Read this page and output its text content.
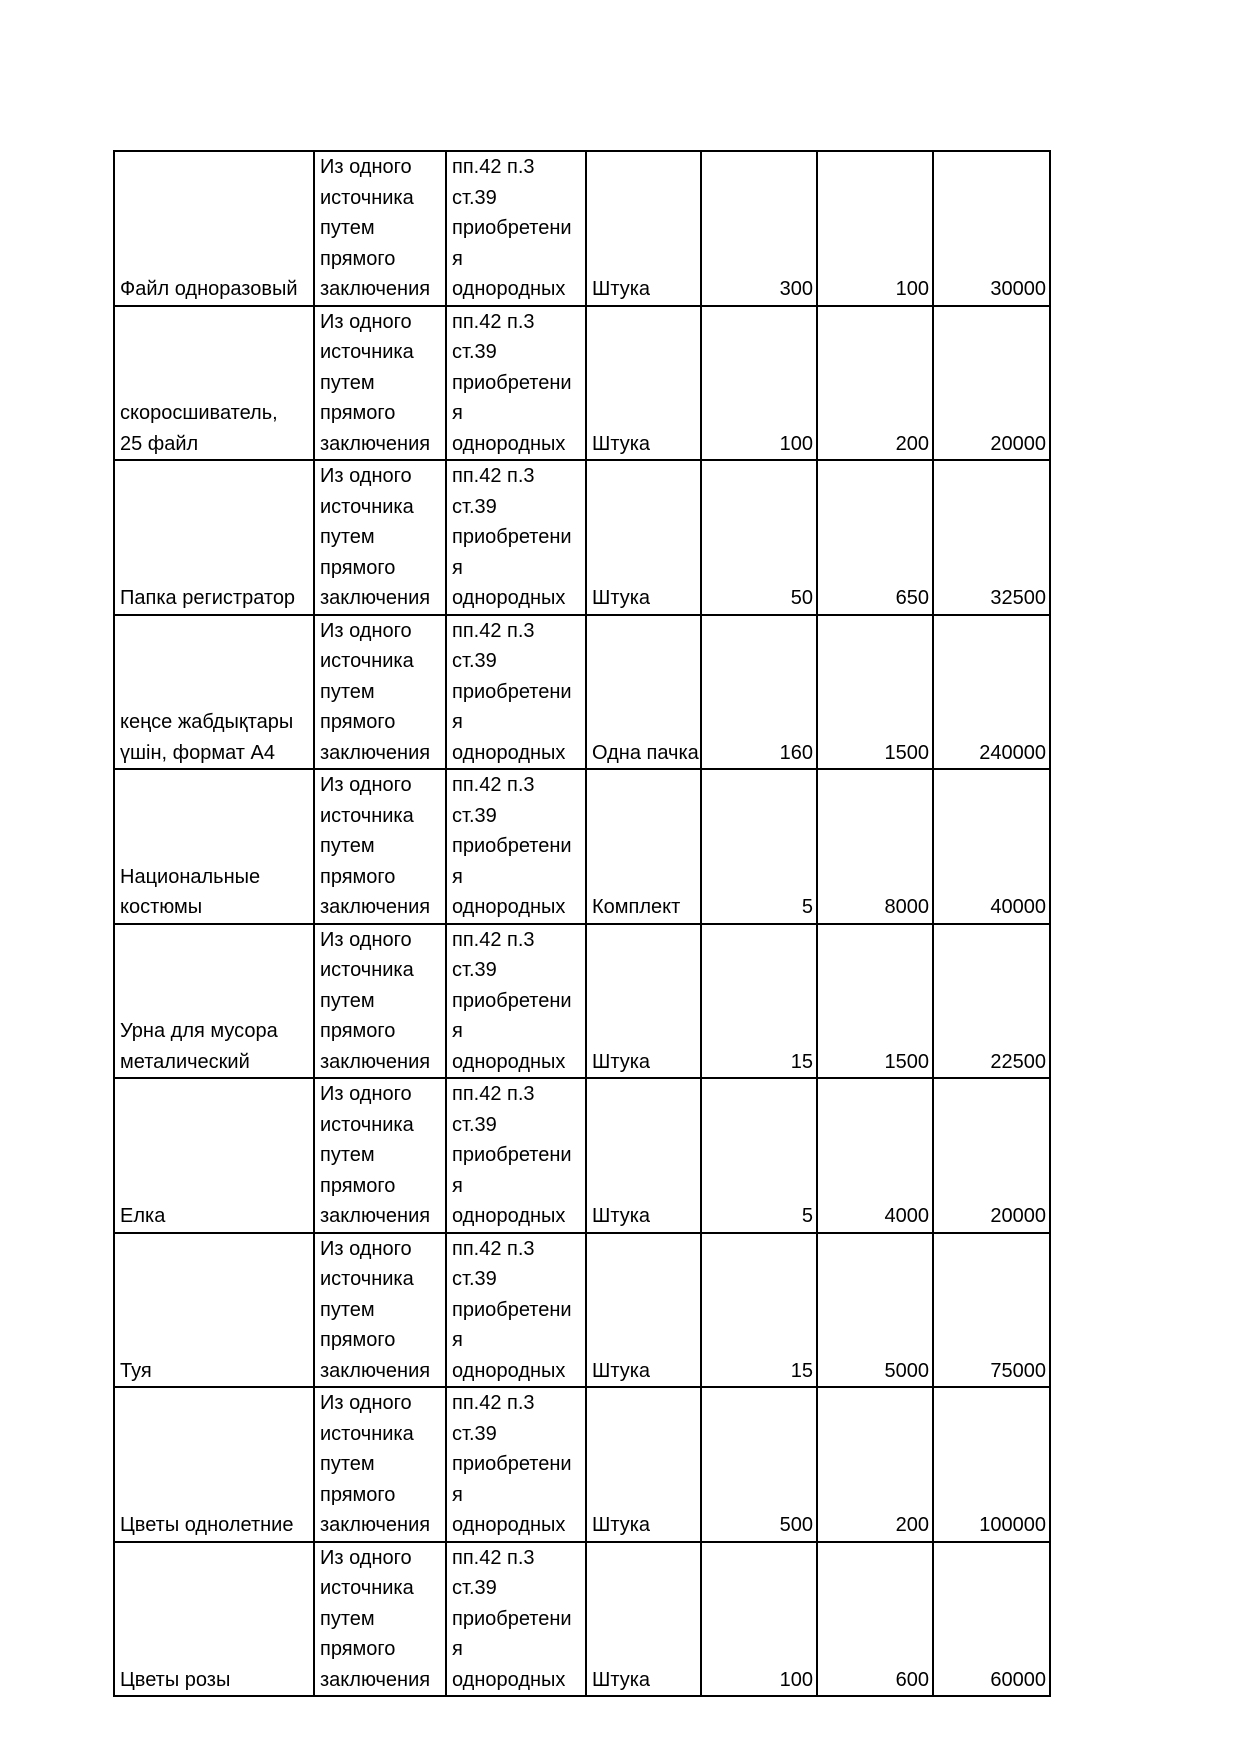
Файл одноразовый	Из одного
источника
путем
прямого
заключения	пп.42 п.3
ст.39
приобретени
я
однородных	Штука	300	100	30000

скоросшиватель,
25 файл	Из одного
источника
путем
прямого
заключения	пп.42 п.3
ст.39
приобретени
я
однородных	Штука	100	200	20000

Папка регистратор	Из одного
источника
путем
прямого
заключения	пп.42 п.3
ст.39
приобретени
я
однородных	Штука	50	650	32500

кеңсе жабдықтары
үшін, формат А4	Из одного
источника
путем
прямого
заключения	пп.42 п.3
ст.39
приобретени
я
однородных	Одна пачка	160	1500	240000

Национальные
костюмы	Из одного
источника
путем
прямого
заключения	пп.42 п.3
ст.39
приобретени
я
однородных	Комплект	5	8000	40000

Урна для мусора
металический	Из одного
источника
путем
прямого
заключения	пп.42 п.3
ст.39
приобретени
я
однородных	Штука	15	1500	22500

Елка	Из одного
источника
путем
прямого
заключения	пп.42 п.3
ст.39
приобретени
я
однородных	Штука	5	4000	20000

Туя	Из одного
источника
путем
прямого
заключения	пп.42 п.3
ст.39
приобретени
я
однородных	Штука	15	5000	75000

Цветы однолетние	Из одного
источника
путем
прямого
заключения	пп.42 п.3
ст.39
приобретени
я
однородных	Штука	500	200	100000

Цветы розы	Из одного
источника
путем
прямого
заключения	пп.42 п.3
ст.39
приобретени
я
однородных	Штука	100	600	60000
